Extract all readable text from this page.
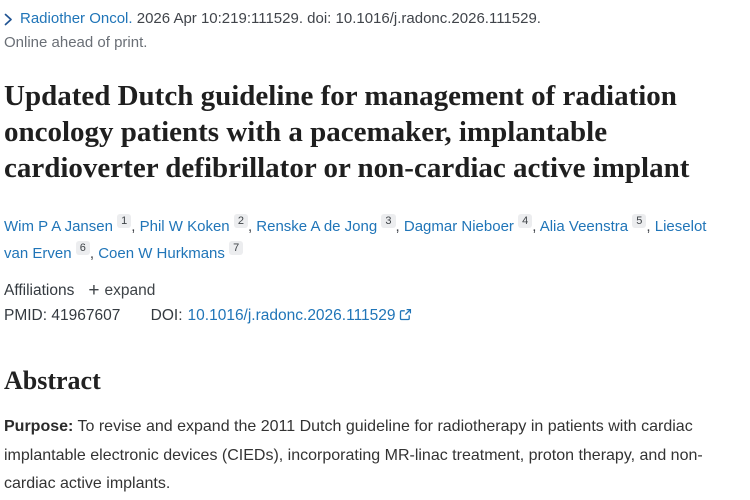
Radiother Oncol. 2026 Apr 10:219:111529. doi: 10.1016/j.radonc.2026.111529.
Online ahead of print.
Updated Dutch guideline for management of radiation oncology patients with a pacemaker, implantable cardioverter defibrillator or non-cardiac active implant
Wim P A Jansen 1 , Phil W Koken 2 , Renske A de Jong 3 , Dagmar Nieboer 4 , Alia Veenstra 5 , Lieselot van Erven 6 , Coen W Hurkmans 7
Affiliations + expand
PMID: 41967607 DOI: 10.1016/j.radonc.2026.111529
Abstract

Purpose: To revise and expand the 2011 Dutch guideline for radiotherapy in patients with cardiac implantable electronic devices (CIEDs), incorporating MR-linac treatment, proton therapy, and non-cardiac active implants.
